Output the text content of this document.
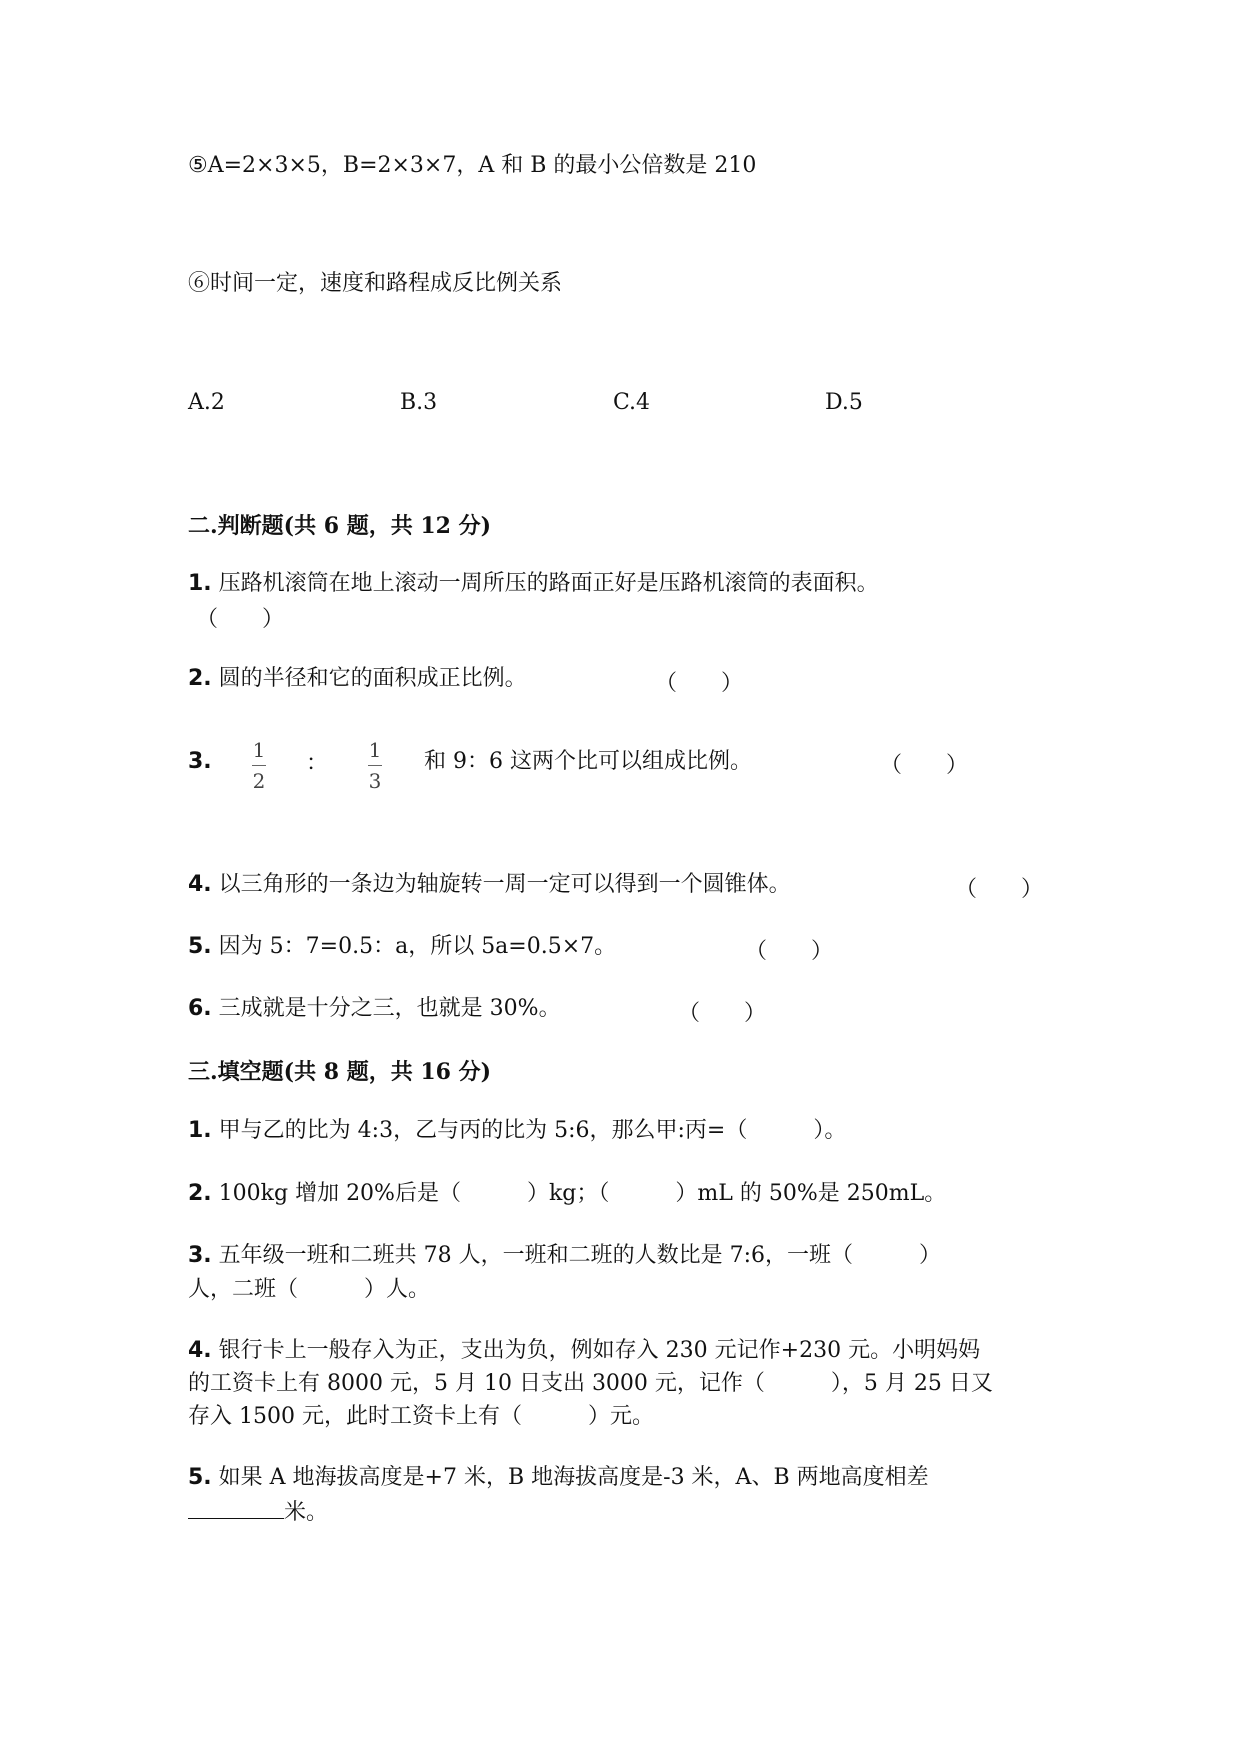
⑤A=2×3×5，B=2×3×7，A 和 B 的最小公倍数是 210
⑥时间一定，速度和路程成反比例关系
A.2	B.3	C.4	D.5
二.判断题(共 6 题，共 12 分)
1. 压路机滚筒在地上滚动一周所压的路面正好是压路机滚筒的表面积。
（　　）
2. 圆的半径和它的面积成正比例。	（　　）
3. 1
2
：
1
3
和 9：6 这两个比可以组成比例。	（　　）
4. 以三角形的一条边为轴旋转一周一定可以得到一个圆锥体。	（　　）
5. 因为 5：7=0.5：a，所以 5a=0.5×7。	（　　）
6. 三成就是十分之三，也就是 30%。	（　　）
三.填空题(共 8 题，共 16 分)
1. 甲与乙的比为 4:3，乙与丙的比为 5:6，那么甲:丙=（　　　）。
2. 100kg 增加 20%后是（　　　）kg；（　　　）mL 的 50%是 250mL。
3. 五年级一班和二班共 78 人，一班和二班的人数比是 7:6，一班（　　　）
人，二班（　　　）人。
4. 银行卡上一般存入为正，支出为负，例如存入 230 元记作+230 元。小明妈妈
的工资卡上有 8000 元，5 月 10 日支出 3000 元，记作（　　　），5 月 25 日又
存入 1500 元，此时工资卡上有（　　　）元。
5. 如果 A 地海拔高度是+7 米，B 地海拔高度是-3 米，A、B 两地高度相差
米。
